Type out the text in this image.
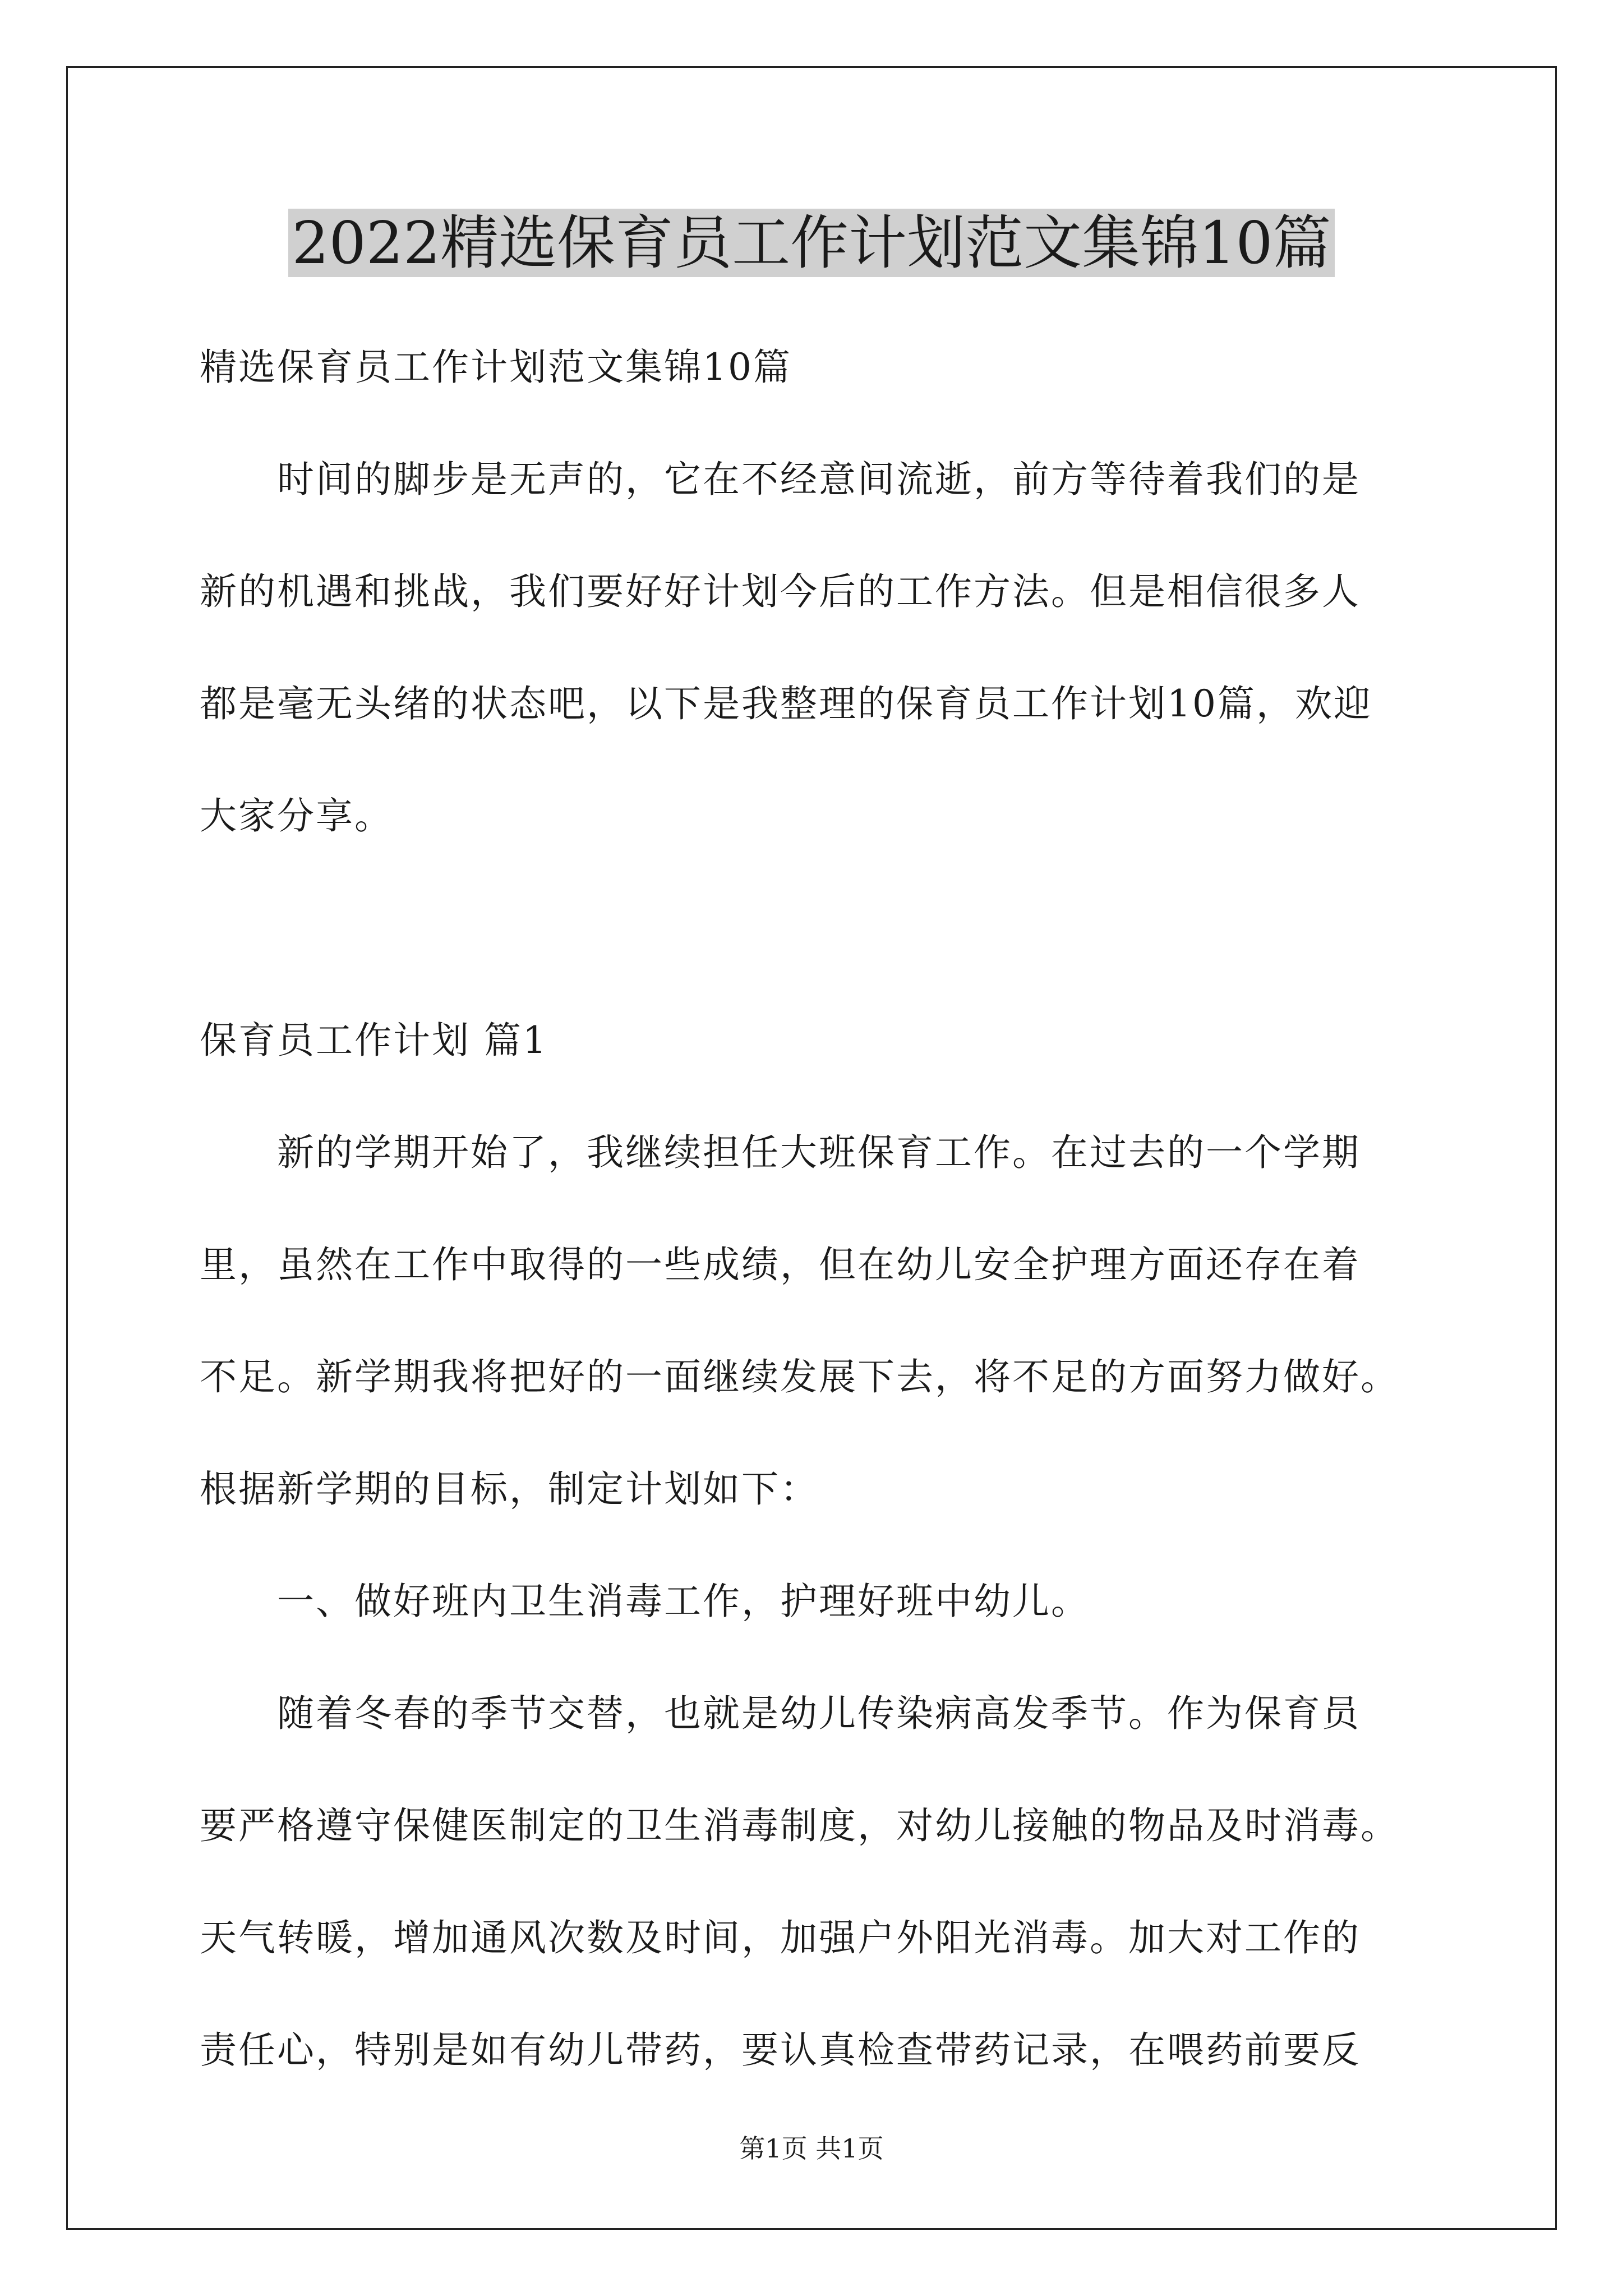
2022精选保育员工作计划范文集锦10篇

精选保育员工作计划范文集锦10篇

　　时间的脚步是无声的，它在不经意间流逝，前方等待着我们的是

新的机遇和挑战，我们要好好计划今后的工作方法。但是相信很多人

都是毫无头绪的状态吧，以下是我整理的保育员工作计划10篇，欢迎

大家分享。

保育员工作计划 篇1

　　新的学期开始了，我继续担任大班保育工作。在过去的一个学期

里，虽然在工作中取得的一些成绩，但在幼儿安全护理方面还存在着

不足。新学期我将把好的一面继续发展下去，将不足的方面努力做好。

根据新学期的目标，制定计划如下：

　　一、做好班内卫生消毒工作，护理好班中幼儿。

　　随着冬春的季节交替，也就是幼儿传染病高发季节。作为保育员

要严格遵守保健医制定的卫生消毒制度，对幼儿接触的物品及时消毒。

天气转暖，增加通风次数及时间，加强户外阳光消毒。加大对工作的

责任心，特别是如有幼儿带药，要认真检查带药记录，在喂药前要反

第1页 共1页
